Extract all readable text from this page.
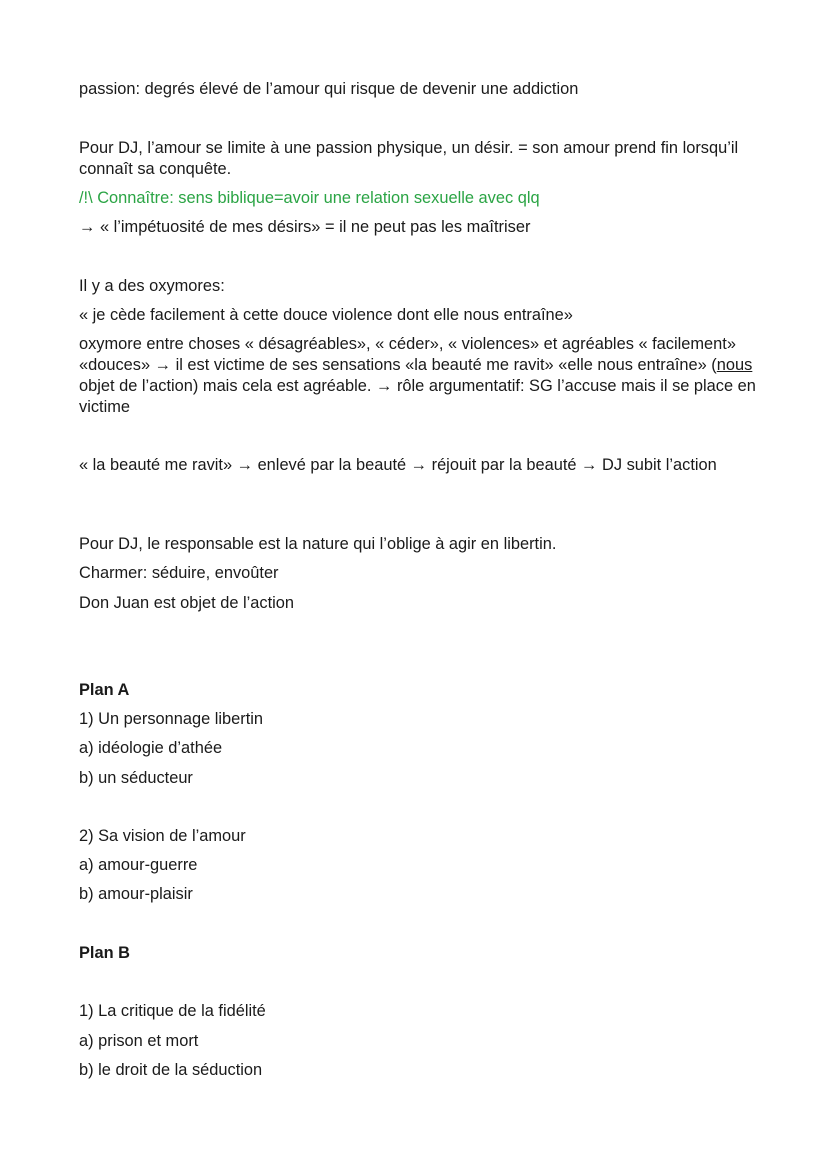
passion: degrés élevé de l’amour qui risque de devenir une addiction
Pour DJ, l’amour se limite à une passion physique, un désir. = son amour prend fin lorsqu’il connaît sa conquête.
/!\ Connaître: sens biblique=avoir une relation sexuelle avec qlq
→ « l’impétuosité de mes désirs» = il ne peut pas les maîtriser
Il y a des oxymores:
« je cède facilement à cette douce violence dont elle nous entraîne»
oxymore entre choses « désagréables», « céder», « violences» et agréables « facilement» «douces» → il est victime de ses sensations «la beauté me ravit» «elle nous entraîne» (nous objet de l’action) mais cela est agréable. → rôle argumentatif: SG l’accuse mais il se place en victime
« la beauté me ravit» → enlevé par la beauté → réjouit par la beauté → DJ subit l’action
Pour DJ, le responsable est la nature qui l’oblige à agir en libertin.
Charmer: séduire, envoûter
Don Juan est objet de l’action
Plan A
1) Un personnage libertin
a) idéologie d’athée
b) un séducteur
2) Sa vision de l’amour
a) amour-guerre
b) amour-plaisir
Plan B
1) La critique de la fidélité
a) prison et mort
b) le droit de la séduction
